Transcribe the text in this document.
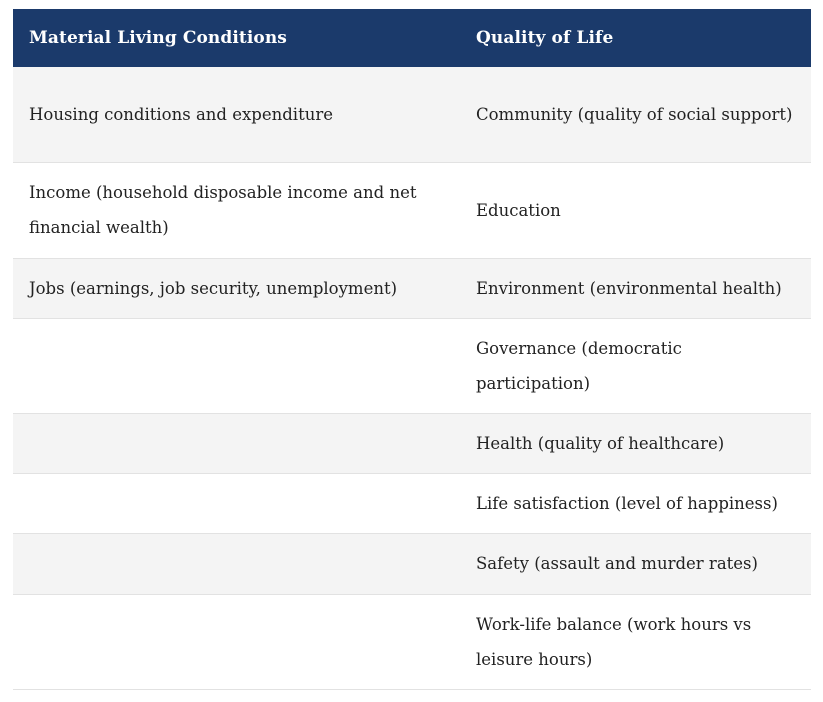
Material Living Conditions	Quality of Life
Housing conditions and expenditure	Community (quality of social support)
Income (household disposable income and net financial wealth)	Education
Jobs (earnings, job security, unemployment)	Environment (environmental health)
	Governance (democratic participation)
	Health (quality of healthcare)
	Life satisfaction (level of happiness)
	Safety (assault and murder rates)
	Work-life balance (work hours vs leisure hours)
